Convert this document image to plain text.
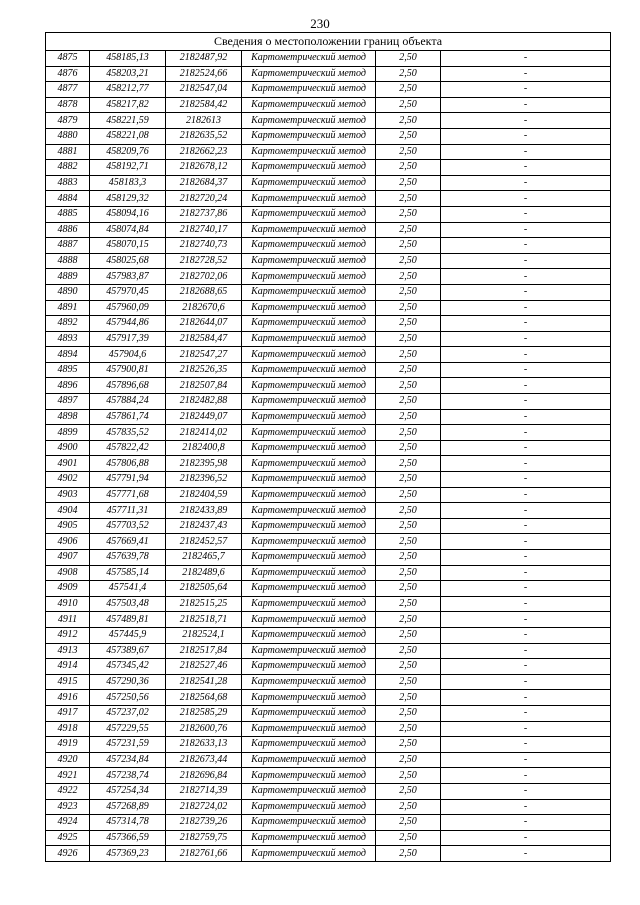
230
Сведения о местоположении границ объекта					
4875	458185,13	2182487,92	Картометрический метод	2,50	-
4876	458203,21	2182524,66	Картометрический метод	2,50	-
4877	458212,77	2182547,04	Картометрический метод	2,50	-
4878	458217,82	2182584,42	Картометрический метод	2,50	-
4879	458221,59	2182613	Картометрический метод	2,50	-
4880	458221,08	2182635,52	Картометрический метод	2,50	-
4881	458209,76	2182662,23	Картометрический метод	2,50	-
4882	458192,71	2182678,12	Картометрический метод	2,50	-
4883	458183,3	2182684,37	Картометрический метод	2,50	-
4884	458129,32	2182720,24	Картометрический метод	2,50	-
4885	458094,16	2182737,86	Картометрический метод	2,50	-
4886	458074,84	2182740,17	Картометрический метод	2,50	-
4887	458070,15	2182740,73	Картометрический метод	2,50	-
4888	458025,68	2182728,52	Картометрический метод	2,50	-
4889	457983,87	2182702,06	Картометрический метод	2,50	-
4890	457970,45	2182688,65	Картометрический метод	2,50	-
4891	457960,09	2182670,6	Картометрический метод	2,50	-
4892	457944,86	2182644,07	Картометрический метод	2,50	-
4893	457917,39	2182584,47	Картометрический метод	2,50	-
4894	457904,6	2182547,27	Картометрический метод	2,50	-
4895	457900,81	2182526,35	Картометрический метод	2,50	-
4896	457896,68	2182507,84	Картометрический метод	2,50	-
4897	457884,24	2182482,88	Картометрический метод	2,50	-
4898	457861,74	2182449,07	Картометрический метод	2,50	-
4899	457835,52	2182414,02	Картометрический метод	2,50	-
4900	457822,42	2182400,8	Картометрический метод	2,50	-
4901	457806,88	2182395,98	Картометрический метод	2,50	-
4902	457791,94	2182396,52	Картометрический метод	2,50	-
4903	457771,68	2182404,59	Картометрический метод	2,50	-
4904	457711,31	2182433,89	Картометрический метод	2,50	-
4905	457703,52	2182437,43	Картометрический метод	2,50	-
4906	457669,41	2182452,57	Картометрический метод	2,50	-
4907	457639,78	2182465,7	Картометрический метод	2,50	-
4908	457585,14	2182489,6	Картометрический метод	2,50	-
4909	457541,4	2182505,64	Картометрический метод	2,50	-
4910	457503,48	2182515,25	Картометрический метод	2,50	-
4911	457489,81	2182518,71	Картометрический метод	2,50	-
4912	457445,9	2182524,1	Картометрический метод	2,50	-
4913	457389,67	2182517,84	Картометрический метод	2,50	-
4914	457345,42	2182527,46	Картометрический метод	2,50	-
4915	457290,36	2182541,28	Картометрический метод	2,50	-
4916	457250,56	2182564,68	Картометрический метод	2,50	-
4917	457237,02	2182585,29	Картометрический метод	2,50	-
4918	457229,55	2182600,76	Картометрический метод	2,50	-
4919	457231,59	2182633,13	Картометрический метод	2,50	-
4920	457234,84	2182673,44	Картометрический метод	2,50	-
4921	457238,74	2182696,84	Картометрический метод	2,50	-
4922	457254,34	2182714,39	Картометрический метод	2,50	-
4923	457268,89	2182724,02	Картометрический метод	2,50	-
4924	457314,78	2182739,26	Картометрический метод	2,50	-
4925	457366,59	2182759,75	Картометрический метод	2,50	-
4926	457369,23	2182761,66	Картометрический метод	2,50	-
